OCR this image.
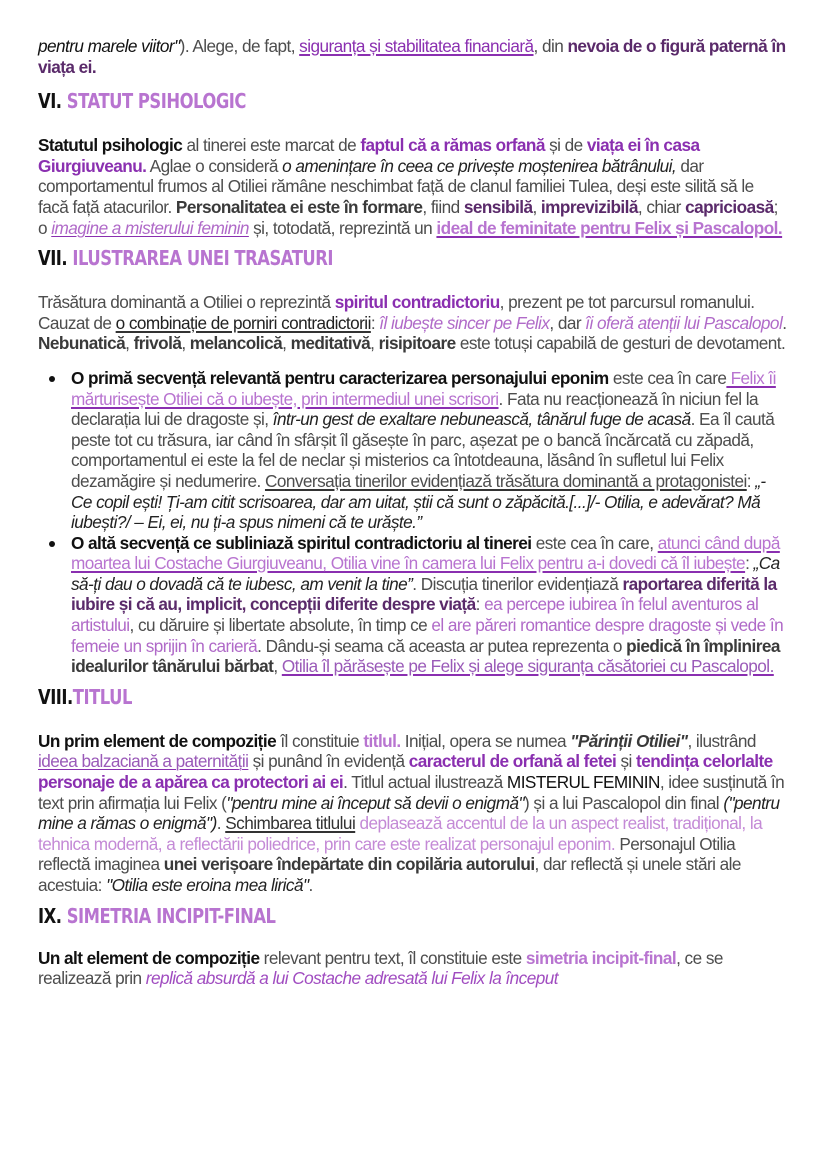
pentru marele viitor"). Alege, de fapt, siguranța și stabilitatea financiară, din nevoia de o figură paternă în viața ei.

VI. STATUT PSIHOLOGIC

Statutul psihologic al tinerei este marcat de faptul că a rămas orfană și de viața ei în casa Giurgiuveanu. Aglae o consideră o amenințare în ceea ce privește moștenirea bătrânului, dar comportamentul frumos al Otiliei rămâne neschimbat față de clanul familiei Tulea, deși este silită să le facă față atacurilor. Personalitatea ei este în formare, fiind sensibilă, imprevizibilă, chiar capricioasă; o imagine a misterului feminin și, totodată, reprezintă un ideal de feminitate pentru Felix și Pascalopol.

VII. ILUSTRAREA UNEI TRASATURI

Trăsătura dominantă a Otiliei o reprezintă spiritul contradictoriu, prezent pe tot parcursul romanului. Cauzat de o combinație de porniri contradictorii: îl iubește sincer pe Felix, dar îi oferă atenții lui Pascalopol. Nebunatică, frivolă, melancolică, meditativă, risipitoare este totuși capabilă de gesturi de devotament.

O primă secvență relevantă pentru caracterizarea personajului eponim este cea în care Felix îi mărturisește Otiliei că o iubește, prin intermediul unei scrisori. Fata nu reacționează în niciun fel la declarația lui de dragoste și, într-un gest de exaltare nebunească, tânărul fuge de acasă. Ea îl caută peste tot cu trăsura, iar când în sfârșit îl găsește în parc, așezat pe o bancă încărcată cu zăpadă, comportamentul ei este la fel de neclar și misterios ca întotdeauna, lăsând în sufletul lui Felix dezamăgire și nedumerire. Conversația tinerilor evidențiază trăsătura dominantă a protagonistei: „- Ce copil ești! Ți-am citit scrisoarea, dar am uitat, știi că sunt o zăpăcită.[...]/- Otilia, e adevărat? Mă iubești?/ – Ei, ei, nu ți-a spus nimeni că te urăște.”
O altă secvență ce subliniază spiritul contradictoriu al tinerei este cea în care, atunci când după moartea lui Costache Giurgiuveanu, Otilia vine în camera lui Felix pentru a-i dovedi că îl iubește: „Ca să-ți dau o dovadă că te iubesc, am venit la tine”. Discuția tinerilor evidențiază raportarea diferită la iubire și că au, implicit, concepții diferite despre viață: ea percepe iubirea în felul aventuros al artistului, cu dăruire și libertate absolute, în timp ce el are păreri romantice despre dragoste și vede în femeie un sprijin în carieră. Dându-și seama că aceasta ar putea reprezenta o piedică în împlinirea idealurilor tânărului bărbat, Otilia îl părăsește pe Felix și alege siguranța căsătoriei cu Pascalopol.
VIII.TITLUL

Un prim element de compoziție îl constituie titlul. Inițial, opera se numea "Părinții Otiliei", ilustrând ideea balzaciană a paternității și punând în evidență caracterul de orfană al fetei și tendința celorlalte personaje de a apărea ca protectori ai ei. Titlul actual ilustrează MISTERUL FEMININ, idee susținută în text prin afirmația lui Felix ("pentru mine ai început să devii o enigmă") și a lui Pascalopol din final ("pentru mine a rămas o enigmă"). Schimbarea titlului deplasează accentul de la un aspect realist, tradițional, la tehnica modernă, a reflectării poliedrice, prin care este realizat personajul eponim. Personajul Otilia reflectă imaginea unei verișoare îndepărtate din copilăria autorului, dar reflectă și unele stări ale acestuia: "Otilia este eroina mea lirică".

IX. SIMETRIA INCIPIT-FINAL

Un alt element de compoziție relevant pentru text, îl constituie este simetria incipit-final, ce se realizează prin replică absurdă a lui Costache adresată lui Felix la început
